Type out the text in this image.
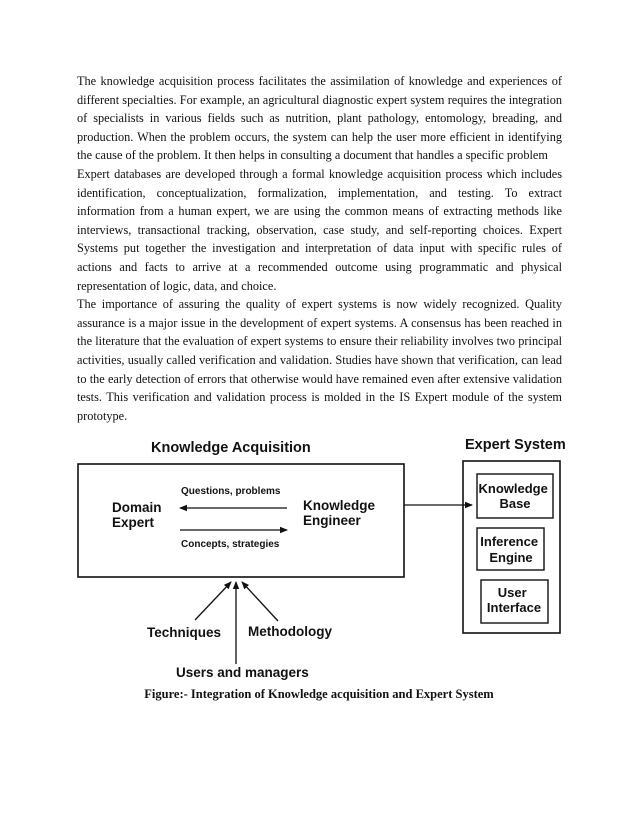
The knowledge acquisition process facilitates the assimilation of knowledge and experiences of different specialties. For example, an agricultural diagnostic expert system requires the integration of specialists in various fields such as nutrition, plant pathology, entomology, breading, and production. When the problem occurs, the system can help the user more efficient in identifying the cause of the problem. It then helps in consulting a document that handles a specific problem

Expert databases are developed through a formal knowledge acquisition process which includes identification, conceptualization, formalization, implementation, and testing. To extract information from a human expert, we are using the common means of extracting methods like interviews, transactional tracking, observation, case study, and self-reporting choices. Expert Systems put together the investigation and interpretation of data input with specific rules of actions and facts to arrive at a recommended outcome using programmatic and physical representation of logic, data, and choice.

The importance of assuring the quality of expert systems is now widely recognized. Quality assurance is a major issue in the development of expert systems. A consensus has been reached in the literature that the evaluation of expert systems to ensure their reliability involves two principal activities, usually called verification and validation. Studies have shown that verification, can lead to the early detection of errors that otherwise would have remained even after extensive validation tests. This verification and validation process is molded in the IS Expert module of the system prototype.

Knowledge Acquisition	Expert System
Domain Expert
Knowledge Engineer
Questions, problems
Concepts, strategies
Knowledge Base
Inference Engine
User Interface
Techniques Methodology
Users and managers
Figure:- Integration of Knowledge acquisition and Expert System
